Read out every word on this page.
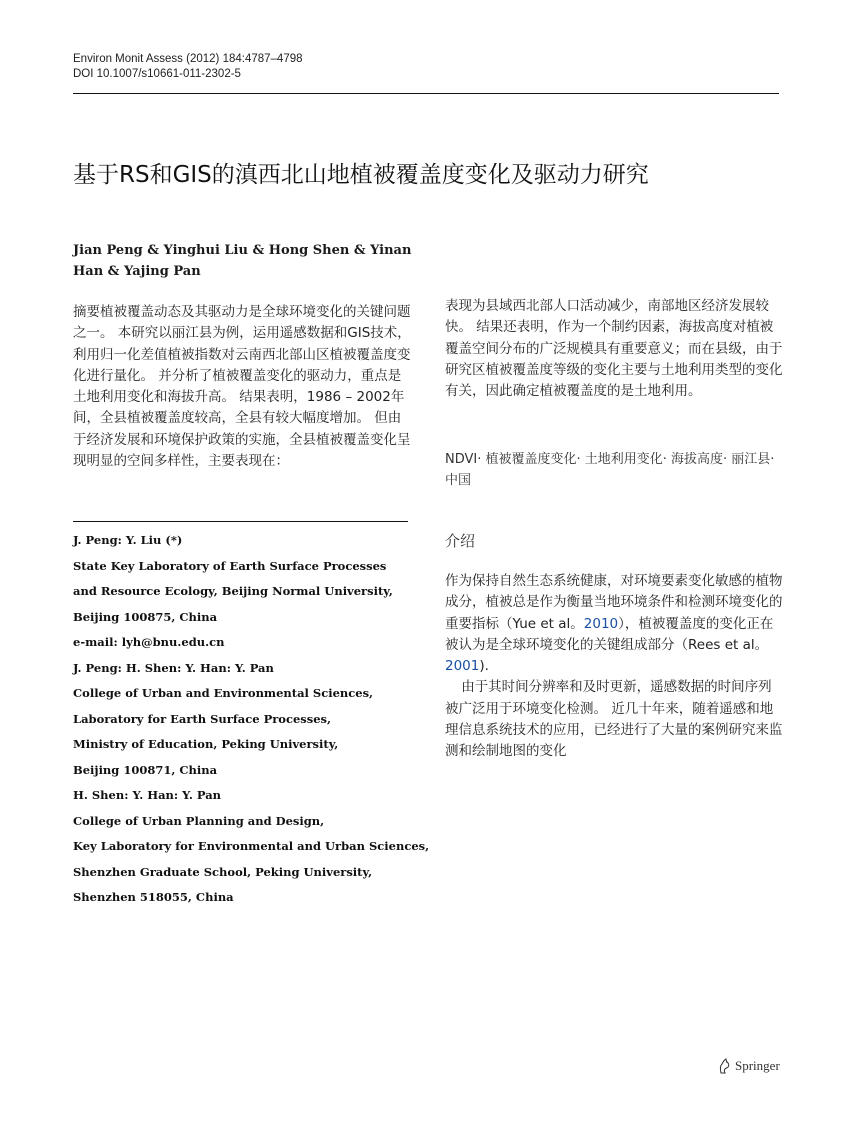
Environ Monit Assess (2012) 184:4787–4798
DOI 10.1007/s10661-011-2302-5
基于RS和GIS的滇西北山地植被覆盖度变化及驱动力研究
Jian Peng & Yinghui Liu & Hong Shen & Yinan Han & Yajing Pan
摘要植被覆盖动态及其驱动力是全球环境变化的关键问题之一。 本研究以丽江县为例，运用遥感数据和GIS技术，利用归一化差值植被指数对云南西北部山区植被覆盖度变化进行量化。 并分析了植被覆盖变化的驱动力，重点是土地利用变化和海拔升高。 结果表明，1986 – 2002年间，全县植被覆盖度较高，全县有较大幅度增加。 但由于经济发展和环境保护政策的实施，全县植被覆盖变化呈现明显的空间多样性，主要表现在：
表现为县域西北部人口活动减少，南部地区经济发展较快。 结果还表明，作为一个制约因素，海拔高度对植被覆盖空间分布的广泛规模具有重要意义；而在县级，由于研究区植被覆盖度等级的变化主要与土地利用类型的变化有关，因此确定植被覆盖度的是土地利用。
NDVI· 植被覆盖度变化· 土地利用变化· 海拔高度· 丽江县· 中国
J. Peng: Y. Liu (*)
State Key Laboratory of Earth Surface Processes
and Resource Ecology, Beijing Normal University,
Beijing 100875, China
e-mail: lyh@bnu.edu.cn
J. Peng: H. Shen: Y. Han: Y. Pan
College of Urban and Environmental Sciences,
Laboratory for Earth Surface Processes,
Ministry of Education, Peking University,
Beijing 100871, China
H. Shen: Y. Han: Y. Pan
College of Urban Planning and Design,
Key Laboratory for Environmental and Urban Sciences,
Shenzhen Graduate School, Peking University,
Shenzhen 518055, China
介绍

作为保持自然生态系统健康，对环境要素变化敏感的植物成分，植被总是作为衡量当地环境条件和检测环境变化的重要指标（Yue et al。2010），植被覆盖度的变化正在被认为是全球环境变化的关键组成部分（Rees et al。2001).

由于其时间分辨率和及时更新，遥感数据的时间序列被广泛用于环境变化检测。 近几十年来，随着遥感和地理信息系统技术的应用，已经进行了大量的案例研究来监测和绘制地图的变化

Springer
